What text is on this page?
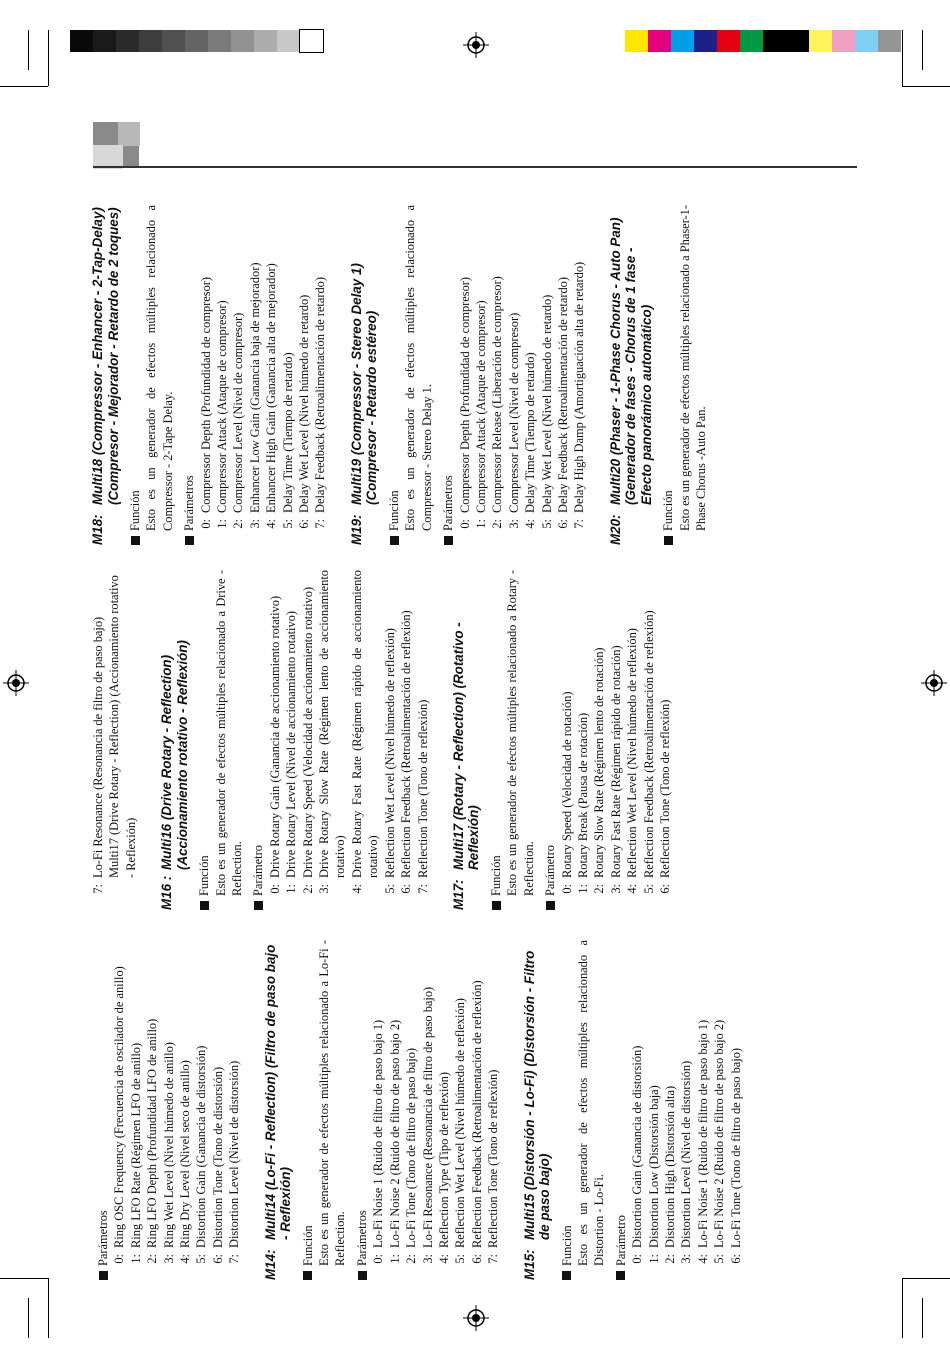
Parámetros 0:
Ring OSC Frequency (Frecuencia de oscilador de anillo)
1:
Ring LFO Rate (Régimen LFO de anillo)
2:
Ring LFO Depth (Profundidad LFO de anillo)
3:
Ring Wet Level (Nivel húmedo de anillo)
4:
Ring Dry Level (Nivel seco de anillo)
5:
Distortion Gain (Ganancia de distorsión)
6:
Distortion Tone (Tono de distorsión)
7:
Distortion Level (Nivel de distorsión)
M14:
Multi14 (Lo-Fi - Reflection) (Filtro de paso bajo - Reflexión)
Función Esto es un generador de efectos múltiples relacionado a Lo-Fi - Reflection. Parámetros 0:
Lo-Fi Noise 1 (Ruido de filtro de paso bajo 1)
1:
Lo-Fi Noise 2 (Ruido de filtro de paso bajo 2)
2:
Lo-Fi Tone (Tono de filtro de paso bajo)
3:
Lo-Fi Resonance (Resonancia de filtro de paso bajo)
4:
Reflection Type (Tipo de reflexión)
5:
Reflection Wet Level (Nivel húmedo de reflexión)
6:
Reflection Feedback (Retroalimentación de reflexión)
7:
Reflection Tone (Tono de reflexión)
M15:
Multi15 (Distorsión - Lo-Fi) (Distorsión - Filtro de paso bajo)
Función Esto es un generador de efectos múltiples relacionado a Distortion - Lo-Fi. Parámetro 0:
Distortion Gain (Ganancia de distorsión)
1:
Distortion Low (Distorsión baja)
2:
Distortion High (Distorsión alta)
3:
Distortion Level (Nivel de distorsión)
4:
Lo-Fi Noise 1 (Ruido de filtro de paso bajo 1)
5:
Lo-Fi Noise 2 (Ruido de filtro de paso bajo 2)
6:
Lo-Fi Tone (Tono de filtro de paso bajo)
7:
Lo-Fi Resonance (Resonancia de filtro de paso bajo) Multi17 (Drive Rotary - Reflection) (Accionamiento rotativo - Reflexión)
M16 :
Multi16 (Drive Rotary - Reflection) (Accionamiento rotativo - Reflexión)
Función Esto es un generador de efectos múltiples relacionado a Drive - Reflection. Parámetro 0:
Drive Rotary Gain (Ganancia de accionamiento rotativo)
1:
Drive Rotary Level (Nivel de accionamiento rotativo)
2:
Drive Rotary Speed (Velocidad de accionamiento rotativo)
3:
Drive Rotary Slow Rate (Régimen lento de accionamiento rotativo)
4:
Drive Rotary Fast Rate (Régimen rápido de accionamiento rotativo)
5:
Reflection Wet Level (Nivel húmedo de reflexión)
6:
Reflection Feedback (Retroalimentación de reflexión)
7:
Reflection Tone (Tono de reflexión)
M17:
Multi17 (Rotary - Reflection) (Rotativo - Reflexión)
Función Esto es un generador de efectos múltiples relacionado a Rotary - Reflection. Parámetro 0:
Rotary Speed (Velocidad de rotación)
1:
Rotary Break (Pausa de rotación)
2:
Rotary Slow Rate (Régimen lento de rotación)
3:
Rotary Fast Rate (Régimen rápido de rotación)
4:
Reflection Wet Level (Nivel húmedo de reflexión)
5:
Reflection Feedback (Retroalimentación de reflexión)
6:
Reflection Tone (Tono de reflexión)
M18:
Multi18 (Compressor - Enhancer - 2-Tap-Delay) (Compresor - Mejorador - Retardo de 2 toques)
Función Esto es un generador de efectos múltiples relacionado a Compressor - 2-Tape Delay. Parámetros 0:
Compressor Depth (Profundidad de compresor)
1:
Compressor Attack (Ataque de compresor)
2:
Compressor Level (Nivel de compresor)
3:
Enhancer Low Gain (Ganancia baja de mejorador)
4:
Enhancer High Gain (Ganancia alta de mejorador)
5:
Delay Time (Tiempo de retardo)
6:
Delay Wet Level (Nivel húmedo de retardo)
7:
Delay Feedback (Retroalimentación de retardo)
M19:
Multi19 (Compressor - Stereo Delay 1) (Compresor - Retardo estéreo)
Función Esto es un generador de efectos múltiples relacionado a Compressor - Stereo Delay 1. Parámetros 0:
Compressor Depth (Profundidad de compresor)
1:
Compressor Attack (Ataque de compresor)
2:
Compressor Release (Liberación de compresor)
3:
Compressor Level (Nivel de compresor)
4:
Delay Time (Tiempo de retardo)
5:
Delay Wet Level (Nivel húmedo de retardo)
6:
Delay Feedback (Retroalimentación de retardo)
7:
Delay High Damp (Amortiguación alta de retardo)
M20:
Multi20 (Phaser - 1-Phase Chorus - Auto Pan) (Generador de fases - Chorus de 1 fase - Efecto panorámico automático)
Función Esto es un generador de efectos múltiples relacionado a Phaser-1-Phase Chorus -Auto Pan.
